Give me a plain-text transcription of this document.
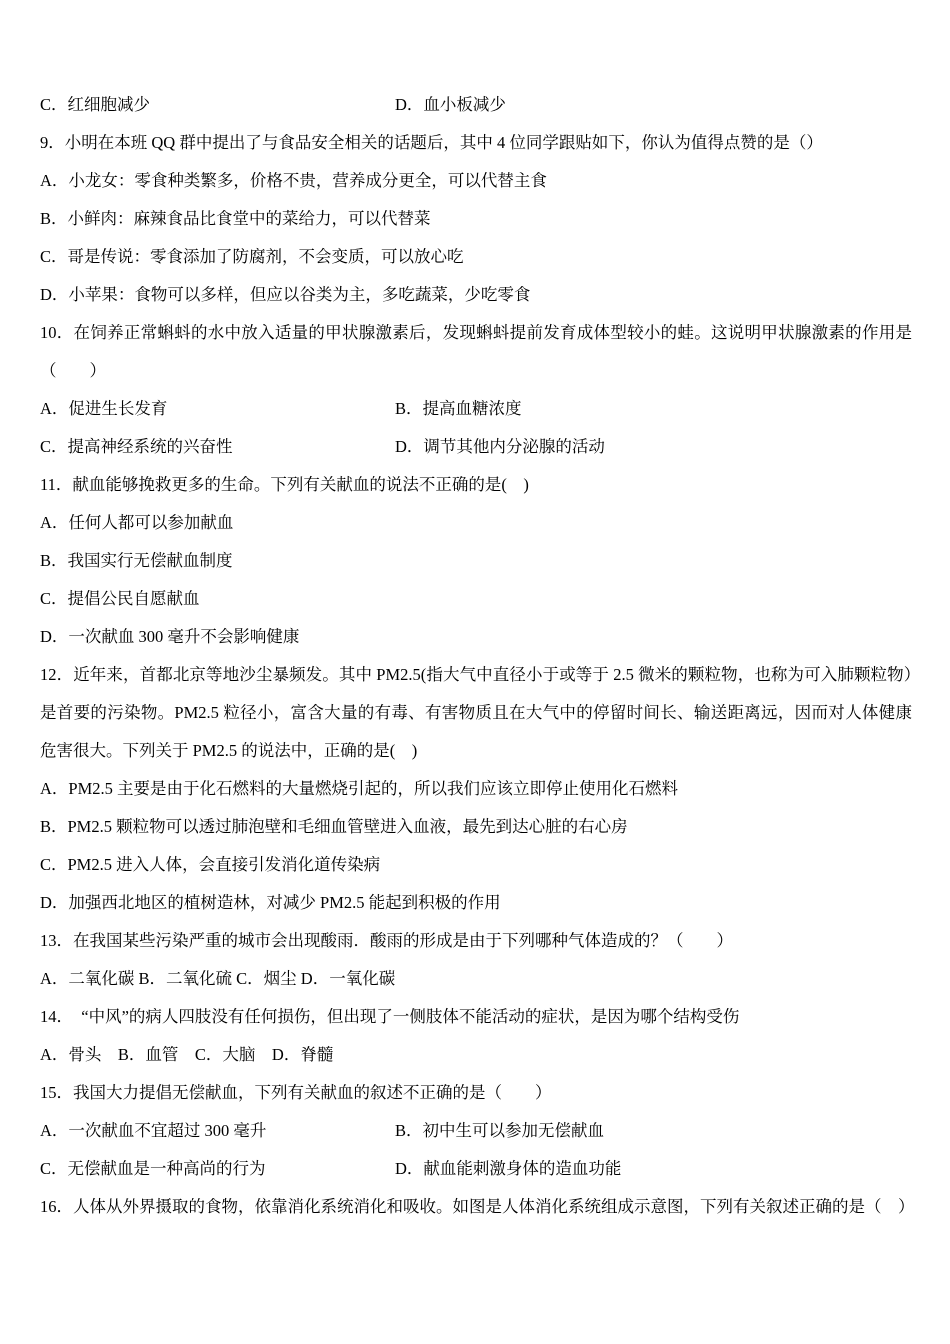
C．红细胞减少	D．血小板减少
9．小明在本班 QQ 群中提出了与食品安全相关的话题后，其中 4 位同学跟贴如下，你认为值得点赞的是（）
A．小龙女：零食种类繁多，价格不贵，营养成分更全，可以代替主食
B．小鲜肉：麻辣食品比食堂中的菜给力，可以代替菜
C．哥是传说：零食添加了防腐剂，不会变质，可以放心吃
D．小苹果：食物可以多样，但应以谷类为主，多吃蔬菜，少吃零食
10．在饲养正常蝌蚪的水中放入适量的甲状腺激素后，发现蝌蚪提前发育成体型较小的蛙。这说明甲状腺激素的作用是（　　）
A．促进生长发育	B．提高血糖浓度
C．提高神经系统的兴奋性	D．调节其他内分泌腺的活动
11．献血能够挽救更多的生命。下列有关献血的说法不正确的是(　)
A．任何人都可以参加献血
B．我国实行无偿献血制度
C．提倡公民自愿献血
D．一次献血 300 毫升不会影响健康
12．近年来，首都北京等地沙尘暴频发。其中 PM2.5(指大气中直径小于或等于 2.5 微米的颗粒物，也称为可入肺颗粒物）是首要的污染物。PM2.5 粒径小，富含大量的有毒、有害物质且在大气中的停留时间长、输送距离远，因而对人体健康危害很大。下列关于 PM2.5 的说法中，正确的是(　)
A．PM2.5 主要是由于化石燃料的大量燃烧引起的，所以我们应该立即停止使用化石燃料
B．PM2.5 颗粒物可以透过肺泡壁和毛细血管壁进入血液，最先到达心脏的右心房
C．PM2.5 进入人体，会直接引发消化道传染病
D．加强西北地区的植树造林，对减少 PM2.5 能起到积极的作用
13．在我国某些污染严重的城市会出现酸雨．酸雨的形成是由于下列哪种气体造成的？（　　）
A．二氧化碳 B．二氧化硫 C．烟尘 D．一氧化碳
14．　“中风”的病人四肢没有任何损伤，但出现了一侧肢体不能活动的症状，是因为哪个结构受伤
A．骨头　B．血管　C．大脑　D．脊髓
15．我国大力提倡无偿献血，下列有关献血的叙述不正确的是（　　）
A．一次献血不宜超过 300 毫升	B．初中生可以参加无偿献血
C．无偿献血是一种高尚的行为	D．献血能刺激身体的造血功能
16．人体从外界摄取的食物，依靠消化系统消化和吸收。如图是人体消化系统组成示意图，下列有关叙述正确的是（　）
